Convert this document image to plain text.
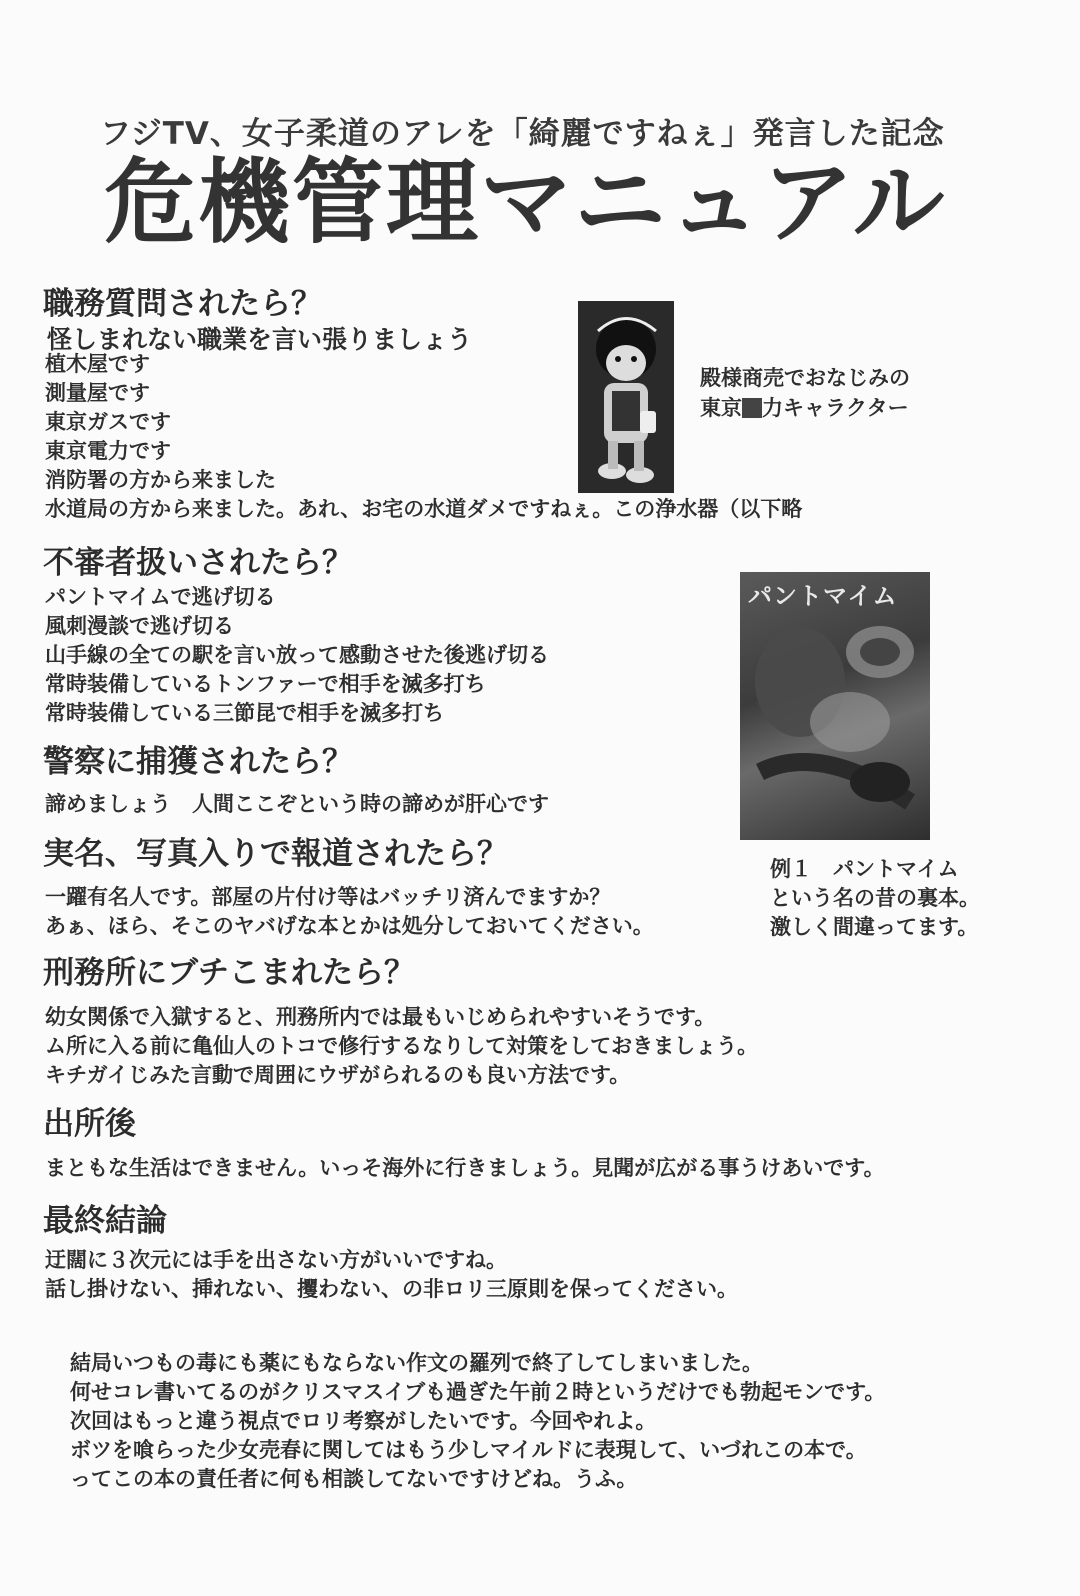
フジTV、女子柔道のアレを「綺麗ですねぇ」発言した記念
危機管理マニュアル
職務質問されたら？
怪しまれない職業を言い張りましょう
植木屋です
測量屋です
東京ガスです
東京電力です
消防署の方から来ました
水道局の方から来ました。あれ、お宅の水道ダメですねぇ。この浄水器（以下略
殿様商売でおなじみの
東京 力キャラクター
不審者扱いされたら？
パントマイムで逃げ切る
風刺漫談で逃げ切る
山手線の全ての駅を言い放って感動させた後逃げ切る
常時装備しているトンファーで相手を滅多打ち
常時装備している三節昆で相手を滅多打ち
パントマイム
例１　パントマイム
という名の昔の裏本。
激しく間違ってます。
警察に捕獲されたら？
諦めましょう　人間ここぞという時の諦めが肝心です
実名、写真入りで報道されたら？
一躍有名人です。部屋の片付け等はバッチリ済んでますか？
あぁ、ほら、そこのヤバげな本とかは処分しておいてください。
刑務所にブチこまれたら？
幼女関係で入獄すると、刑務所内では最もいじめられやすいそうです。
ム所に入る前に亀仙人のトコで修行するなりして対策をしておきましょう。
キチガイじみた言動で周囲にウザがられるのも良い方法です。
出所後
まともな生活はできません。いっそ海外に行きましょう。見聞が広がる事うけあいです。
最終結論
迂闊に３次元には手を出さない方がいいですね。
話し掛けない、挿れない、攫わない、の非ロリ三原則を保ってください。
結局いつもの毒にも薬にもならない作文の羅列で終了してしまいました。
何せコレ書いてるのがクリスマスイブも過ぎた午前２時というだけでも勃起モンです。
次回はもっと違う視点でロリ考察がしたいです。今回やれよ。
ボツを喰らった少女売春に関してはもう少しマイルドに表現して、いづれこの本で。
ってこの本の責任者に何も相談してないですけどね。うふ。
